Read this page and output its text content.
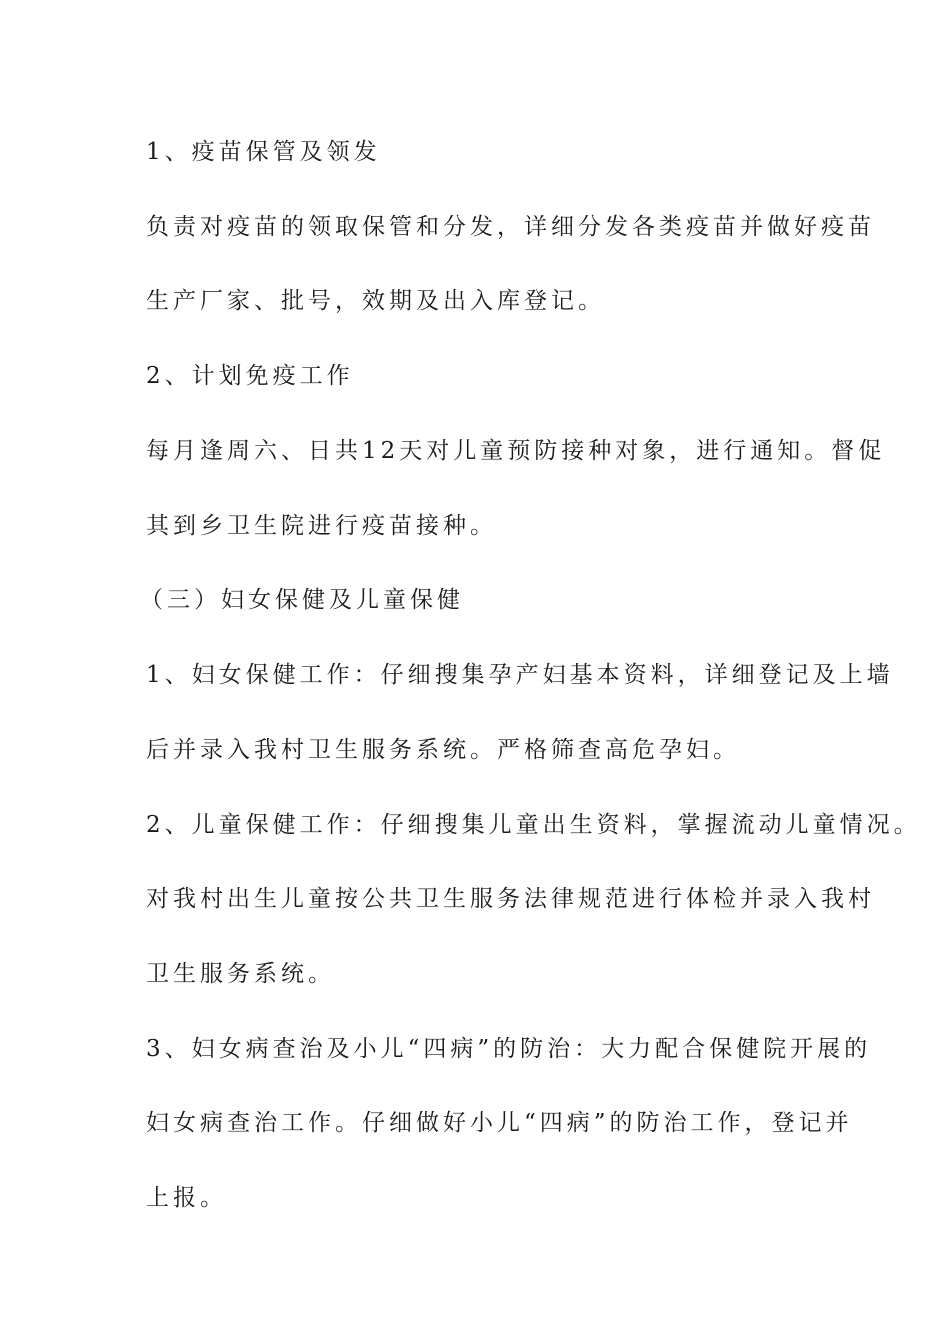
1、疫苗保管及领发
负责对疫苗的领取保管和分发，详细分发各类疫苗并做好疫苗
生产厂家、批号，效期及出入库登记。
2、计划免疫工作
每月逢周六、日共12天对儿童预防接种对象，进行通知。督促
其到乡卫生院进行疫苗接种。
（三）妇女保健及儿童保健
1、妇女保健工作：仔细搜集孕产妇基本资料，详细登记及上墙
后并录入我村卫生服务系统。严格筛查高危孕妇。
2、儿童保健工作：仔细搜集儿童出生资料，掌握流动儿童情况。
对我村出生儿童按公共卫生服务法律规范进行体检并录入我村
卫生服务系统。
3、妇女病查治及小儿“四病”的防治：大力配合保健院开展的
妇女病查治工作。仔细做好小儿“四病”的防治工作，登记并
上报。
